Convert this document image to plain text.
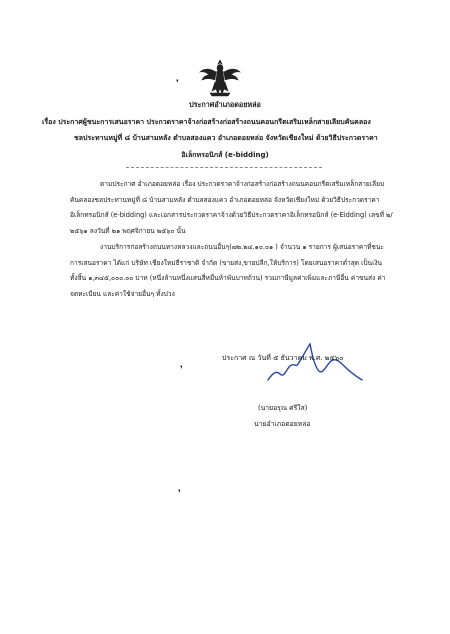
❜
ประกาศอำเภอดอยหล่อ
เรื่อง ประกาศผู้ชนะการเสนอราคา ประกวดราคาจ้างก่อสร้างก่อสร้างถนนคอนกรีตเสริมเหล็กสายเลียบคันคลอง
ชลประทานหมู่ที่ ๘ บ้านสามหลัง ตำบลสองแคว อำเภอดอยหล่อ จังหวัดเชียงใหม่ ด้วยวิธีประกวดราคา
อิเล็กทรอนิกส์ (e-bidding)
ตามประกาศ อำเภอดอยหล่อ เรื่อง ประกวดราคาจ้างก่อสร้างก่อสร้างถนนคอนกรีตเสริมเหล็กสายเลียบ
คันคลองชลประทานหมู่ที่ ๘ บ้านสามหลัง ตำบลสองแคว อำเภอดอยหล่อ จังหวัดเชียงใหม่ ด้วยวิธีประกวดราคา
อิเล็กทรอนิกส์ (e-bidding) และเอกสารประกวดราคาจ้างด้วยวิธีประกวดราคาอิเล็กทรอนิกส์ (e-Еidding) เลขที่ ๒/
๒๕๖๑ ลงวันที่ ๒๑ พฤศจิกายน ๒๕๖๐ นั้น
งานบริการก่อสร้างถนนทางหลวงและถนนอื่นๆ(๗๒.๒๔.๑๐.๐๑ ) จำนวน ๑ รายการ ผู้เสนอราคาที่ชนะ
การเสนอราคา ได้แก่ บริษัท เชียงใหม่ธีราชาติ จำกัด (ขายส่ง,ขายปลีก,ให้บริการ) โดยเสนอราคาต่ำสุด เป็นเงิน
ทั้งสิ้น ๑,๓๔๕,๐๐๐.๐๐ บาท (หนึ่งล้านหนึ่งแสนสี่หมื่นห้าพันบาทถ้วน) รวมภาษีมูลค่าเพิ่มและภาษีอื่น ค่าขนส่ง ค่า
จดทะเบียน และค่าใช้จ่ายอื่นๆ ทั้งปวง
❜
ประกาศ ณ วันที่ ๕ ธันวาคม พ.ศ. ๒๕๖๐
(นายอรุณ ศรีใส)
นายอำเภอดอยหล่อ
❜
